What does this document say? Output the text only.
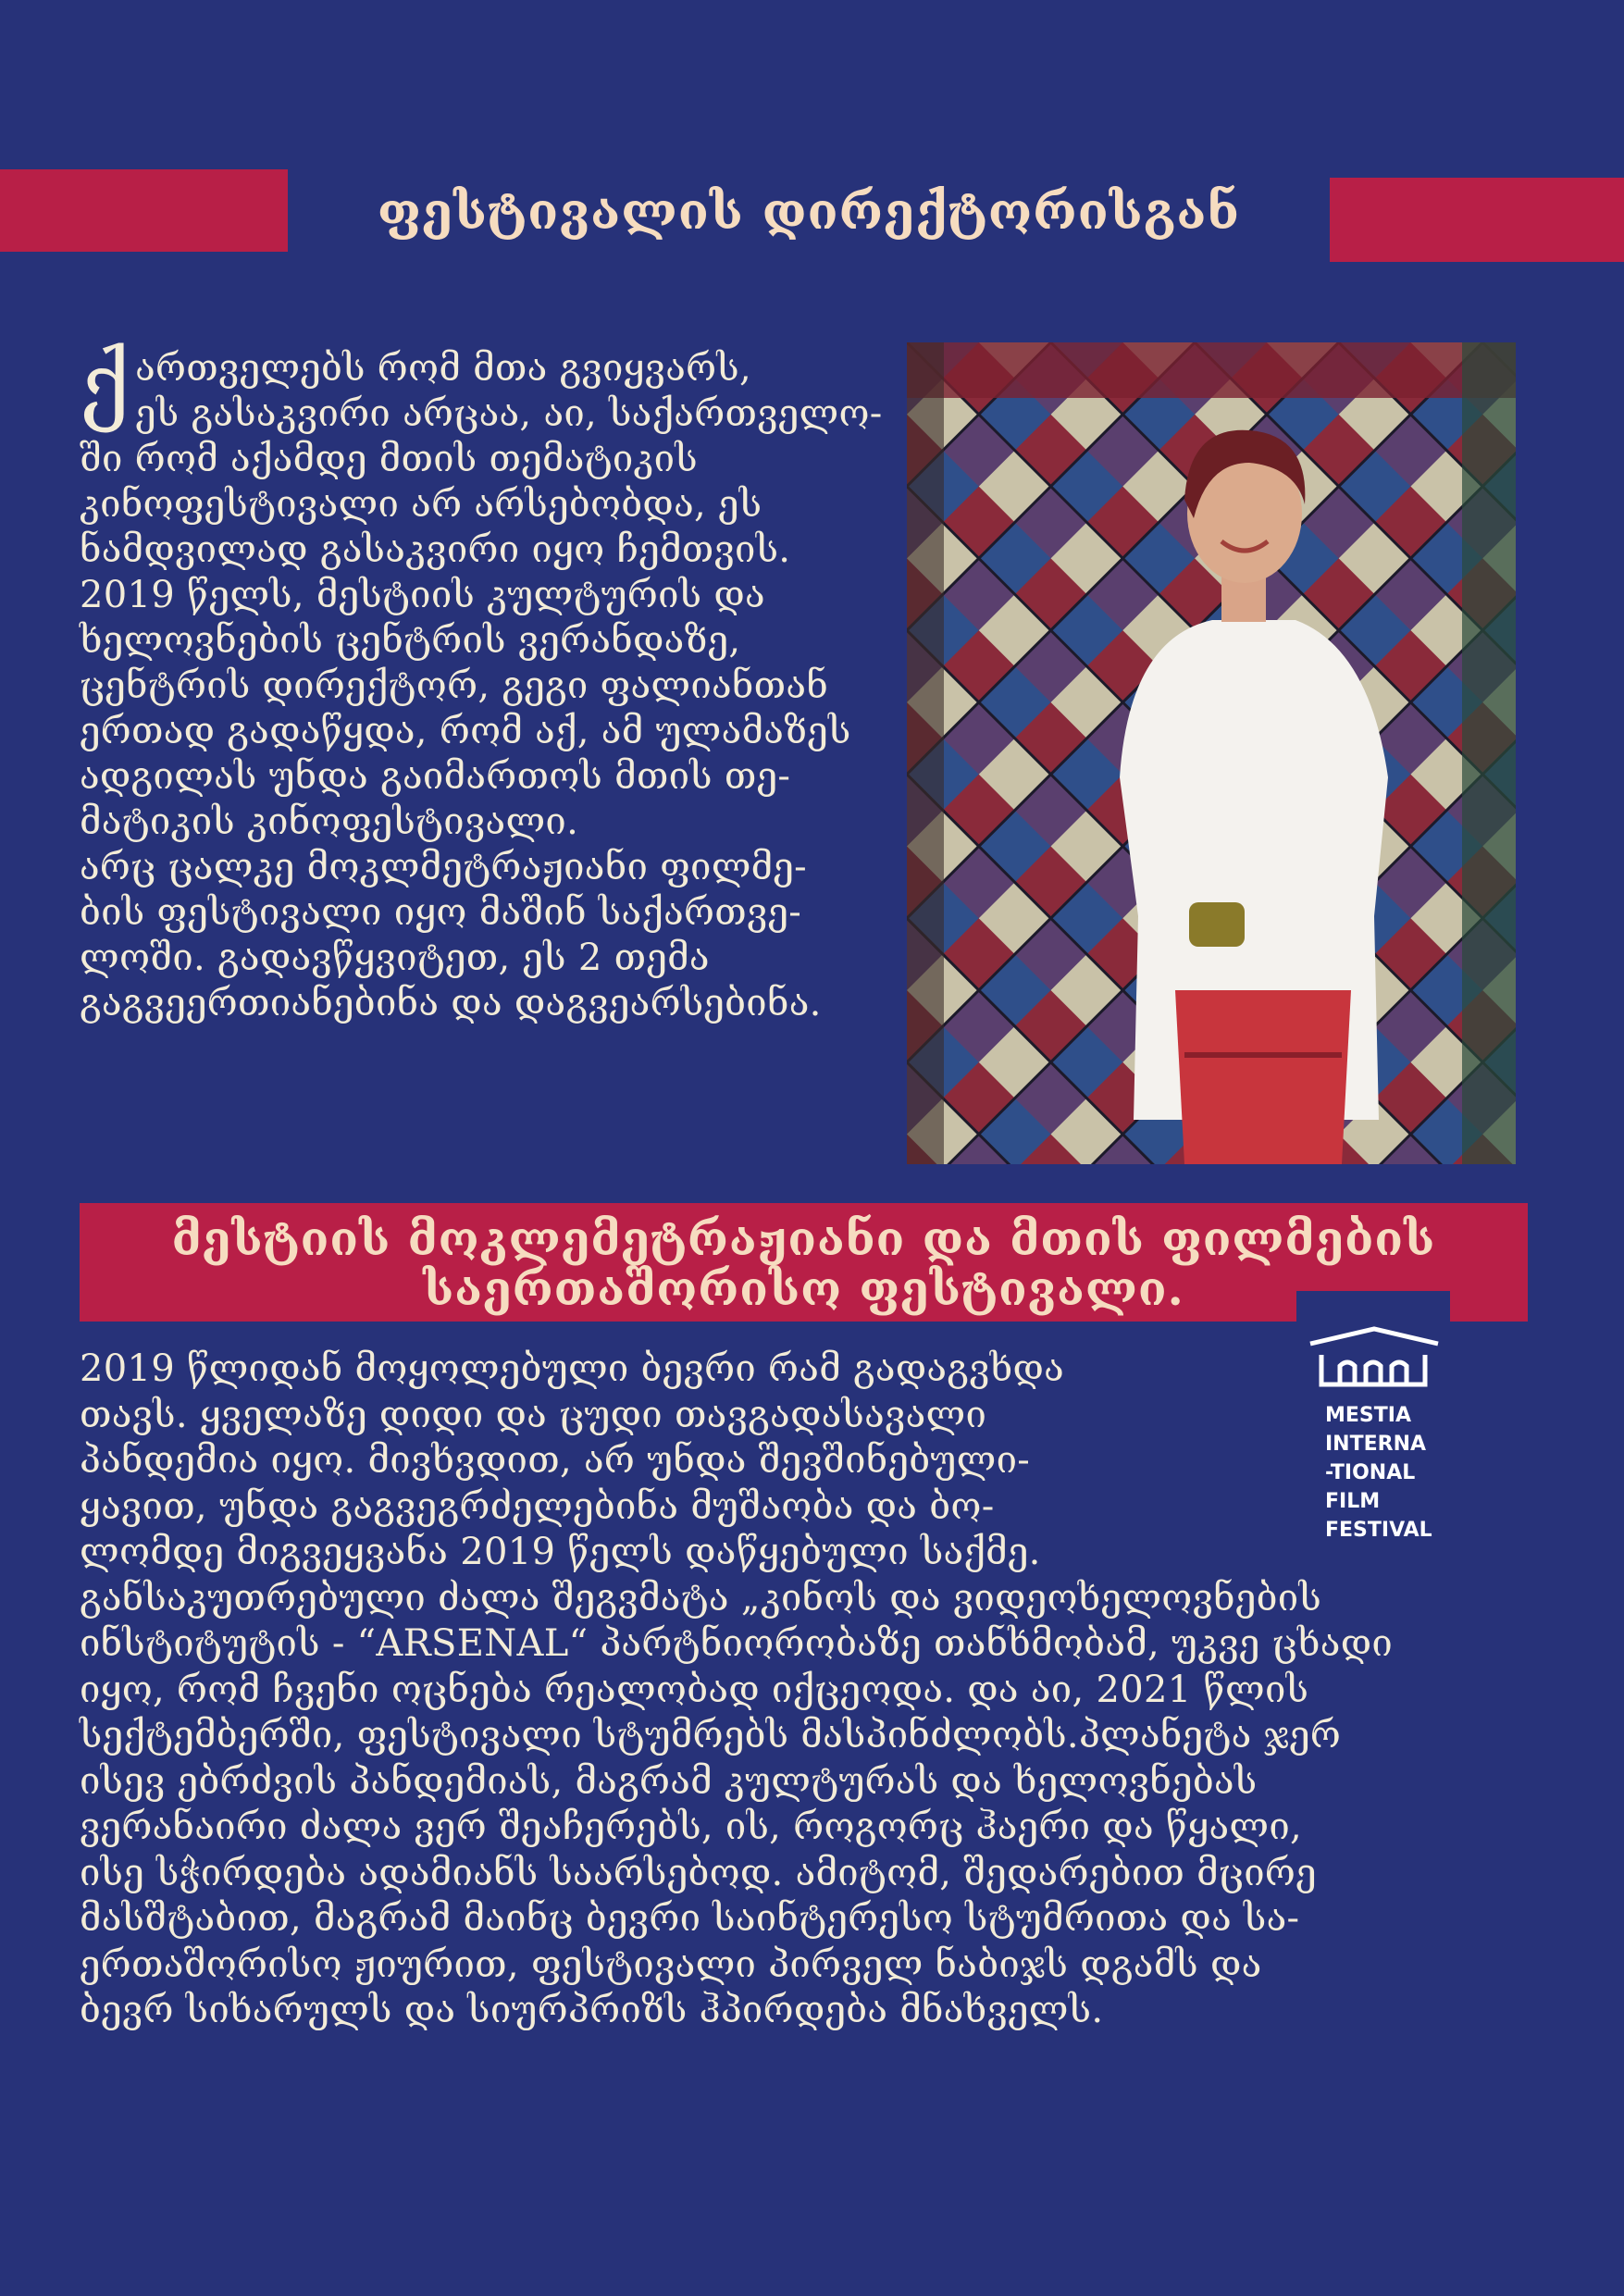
ფესტივალის დირექტორისგან
ქ ართველებს რომ მთა გვიყვარს,
ეს გასაკვირი არცაა, აი, საქართველო-
ში რომ აქამდე მთის თემატიკის
კინოფესტივალი არ არსებობდა, ეს
ნამდვილად გასაკვირი იყო ჩემთვის.
2019 წელს, მესტიის კულტურის და
ხელოვნების ცენტრის ვერანდაზე,
ცენტრის დირექტორ, გეგი ფალიანთან
ერთად გადაწყდა, რომ აქ, ამ ულამაზეს
ადგილას უნდა გაიმართოს მთის თე-
მატიკის კინოფესტივალი.
არც ცალკე მოკლმეტრაჟიანი ფილმე-
ბის ფესტივალი იყო მაშინ საქართვე-
ლოში. გადავწყვიტეთ, ეს 2 თემა
გაგვეერთიანებინა და დაგვეარსებინა.
მესტიის მოკლემეტრაჟიანი და მთის ფილმების
საერთაშორისო ფესტივალი.
MESTIA
INTERNA
-TIONAL
FILM
FESTIVAL
2019 წლიდან მოყოლებული ბევრი რამ გადაგვხდა
თავს. ყველაზე დიდი და ცუდი თავგადასავალი
პანდემია იყო. მივხვდით, არ უნდა შევშინებული-
ყავით, უნდა გაგვეგრძელებინა მუშაობა და ბო-
ლომდე მიგვეყვანა 2019 წელს დაწყებული საქმე.
განსაკუთრებული ძალა შეგვმატა „კინოს და ვიდეოხელოვნების
ინსტიტუტის - “ARSENAL“ პარტნიორობაზე თანხმობამ, უკვე ცხადი
იყო, რომ ჩვენი ოცნება რეალობად იქცეოდა. და აი, 2021 წლის
სექტემბერში, ფესტივალი სტუმრებს მასპინძლობს.პლანეტა ჯერ
ისევ ებრძვის პანდემიას, მაგრამ კულტურას და ხელოვნებას
ვერანაირი ძალა ვერ შეაჩერებს, ის, როგორც ჰაერი და წყალი,
ისე სჭირდება ადამიანს საარსებოდ. ამიტომ, შედარებით მცირე
მასშტაბით, მაგრამ მაინც ბევრი საინტერესო სტუმრითა და სა-
ერთაშორისო ჟიურით, ფესტივალი პირველ ნაბიჯს დგამს და
ბევრ სიხარულს და სიურპრიზს ჰპირდება მნახველს.
